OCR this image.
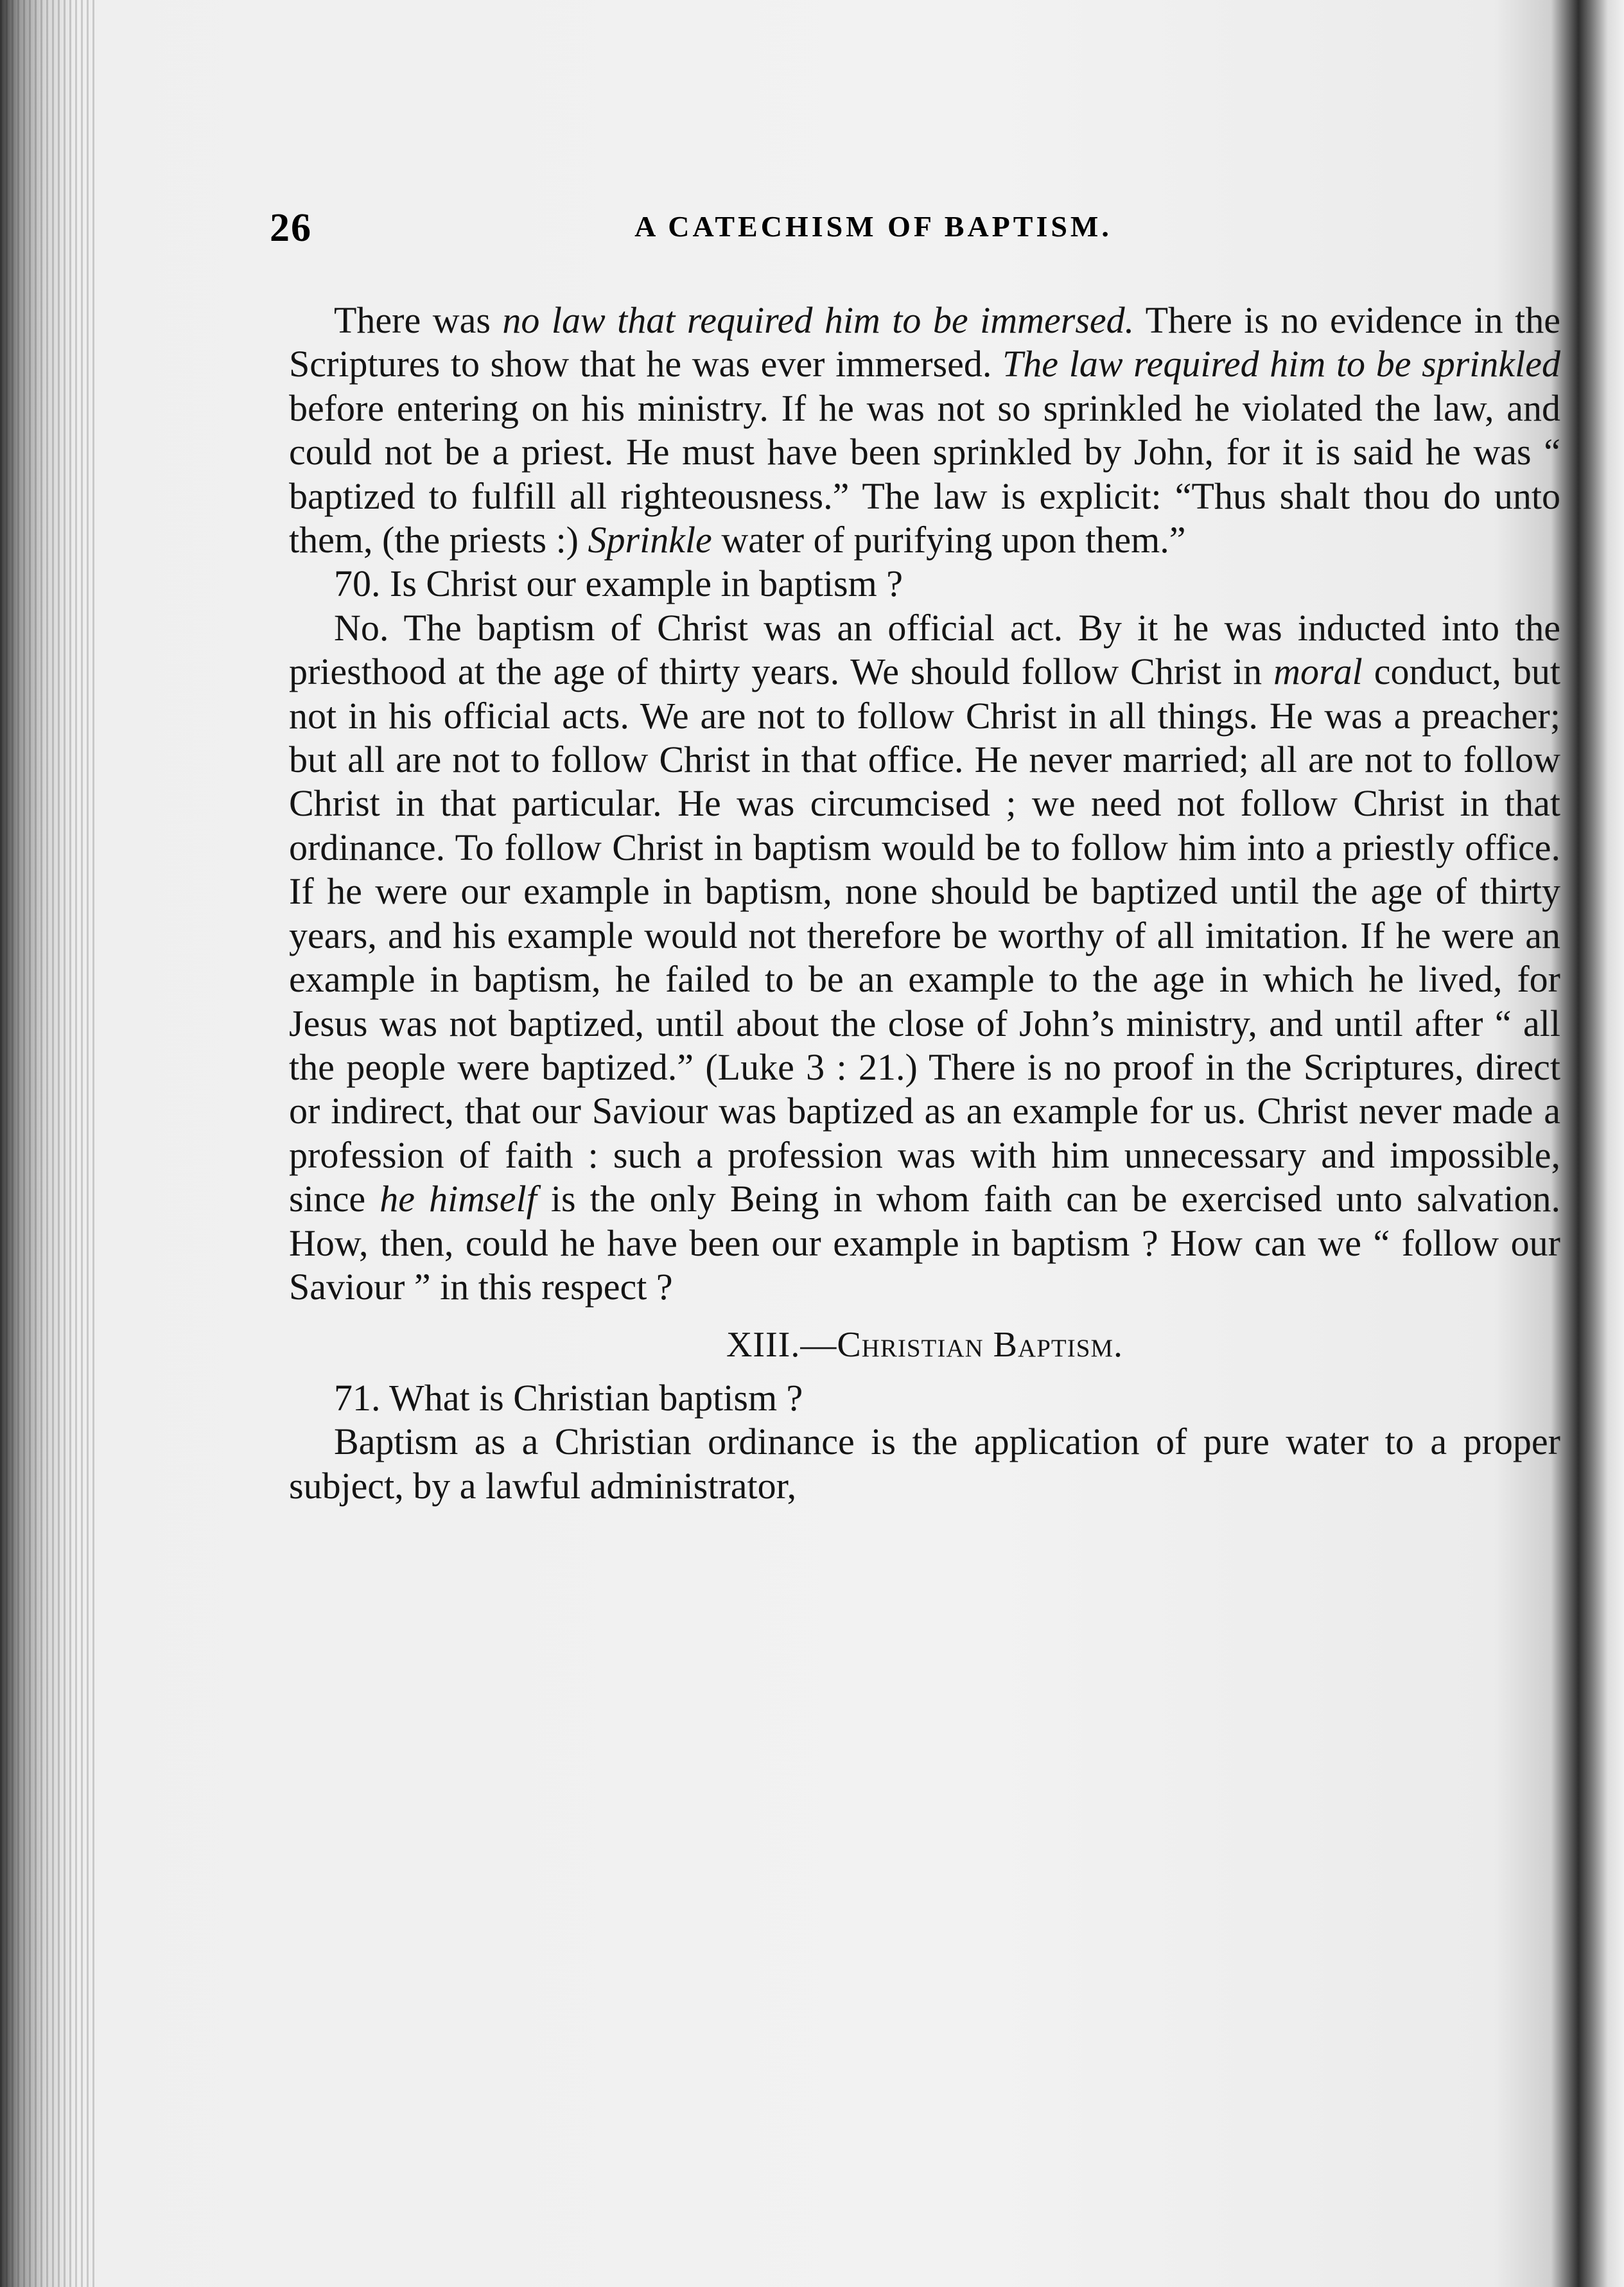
26	A CATECHISM OF BAPTISM.

There was no law that required him to be immersed. There is no evidence in the Scriptures to show that he was ever immersed. The law required him to be sprinkled before entering on his ministry. If he was not so sprinkled he violated the law, and could not be a priest. He must have been sprinkled by John, for it is said he was “ baptized to fulfill all righteousness.” The law is explicit: “Thus shalt thou do unto them, (the priests :) Sprinkle water of purifying upon them.”

70. Is Christ our example in baptism ?

No. The baptism of Christ was an official act. By it he was inducted into the priesthood at the age of thirty years. We should follow Christ in moral conduct, but not in his official acts. We are not to follow Christ in all things. He was a preacher; but all are not to follow Christ in that office. He never married; all are not to follow Christ in that particular. He was circumcised ; we need not follow Christ in that ordinance. To follow Christ in baptism would be to follow him into a priestly office. If he were our example in baptism, none should be baptized until the age of thirty years, and his example would not therefore be worthy of all imitation. If he were an example in baptism, he failed to be an example to the age in which he lived, for Jesus was not baptized, until about the close of John’s ministry, and until after “ all the people were baptized.” (Luke 3 : 21.) There is no proof in the Scriptures, direct or indirect, that our Saviour was baptized as an example for us. Christ never made a profession of faith : such a profession was with him unnecessary and impossible, since he himself is the only Being in whom faith can be exercised unto salvation. How, then, could he have been our example in baptism ? How can we “ follow our Saviour ” in this respect ?

XIII.—Christian Baptism.

71. What is Christian baptism ?

Baptism as a Christian ordinance is the application of pure water to a proper subject, by a lawful administrator,
